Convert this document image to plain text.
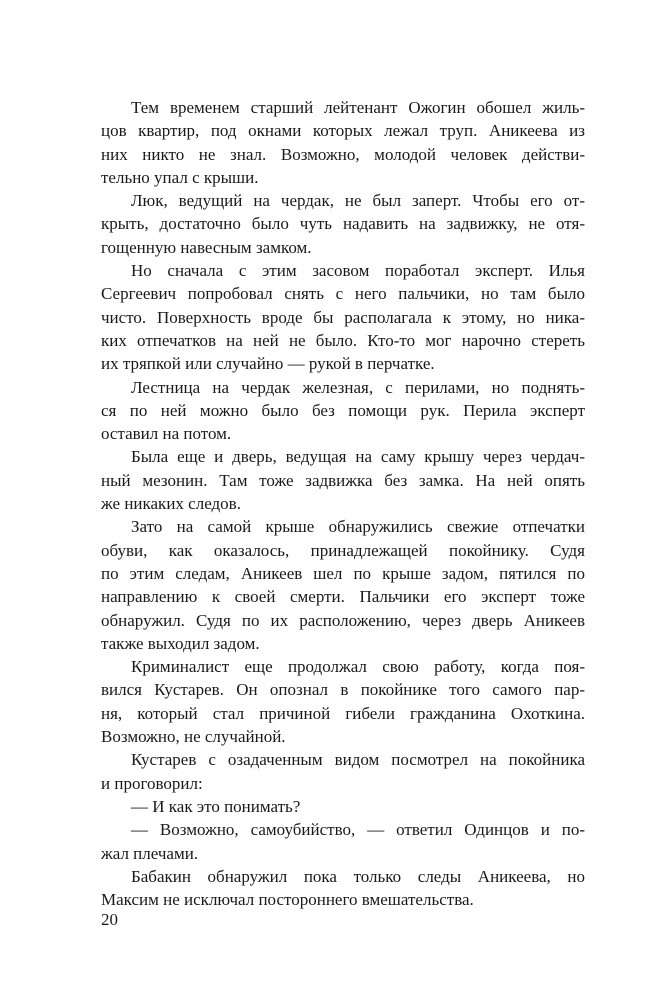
Тем временем старший лейтенант Ожогин обошел жиль-
цов квартир, под окнами которых лежал труп. Аникеева из
них никто не знал. Возможно, молодой человек действи-
тельно упал с крыши.
Люк, ведущий на чердак, не был заперт. Чтобы его от-
крыть, достаточно было чуть надавить на задвижку, не отя-
гощенную навесным замком.
Но сначала с этим засовом поработал эксперт. Илья
Сергеевич попробовал снять с него пальчики, но там было
чисто. Поверхность вроде бы располагала к этому, но ника-
ких отпечатков на ней не было. Кто-то мог нарочно стереть
их тряпкой или случайно — рукой в перчатке.
Лестница на чердак железная, с перилами, но поднять-
ся по ней можно было без помощи рук. Перила эксперт
оставил на потом.
Была еще и дверь, ведущая на саму крышу через чердач-
ный мезонин. Там тоже задвижка без замка. На ней опять
же никаких следов.
Зато на самой крыше обнаружились свежие отпечатки
обуви, как оказалось, принадлежащей покойнику. Судя
по этим следам, Аникеев шел по крыше задом, пятился по
направлению к своей смерти. Пальчики его эксперт тоже
обнаружил. Судя по их расположению, через дверь Аникеев
также выходил задом.
Криминалист еще продолжал свою работу, когда поя-
вился Кустарев. Он опознал в покойнике того самого пар-
ня, который стал причиной гибели гражданина Охоткина.
Возможно, не случайной.
Кустарев с озадаченным видом посмотрел на покойника
и проговорил:
— И как это понимать?
— Возможно, самоубийство, — ответил Одинцов и по-
жал плечами.
Бабакин обнаружил пока только следы Аникеева, но
Максим не исключал постороннего вмешательства.
20
